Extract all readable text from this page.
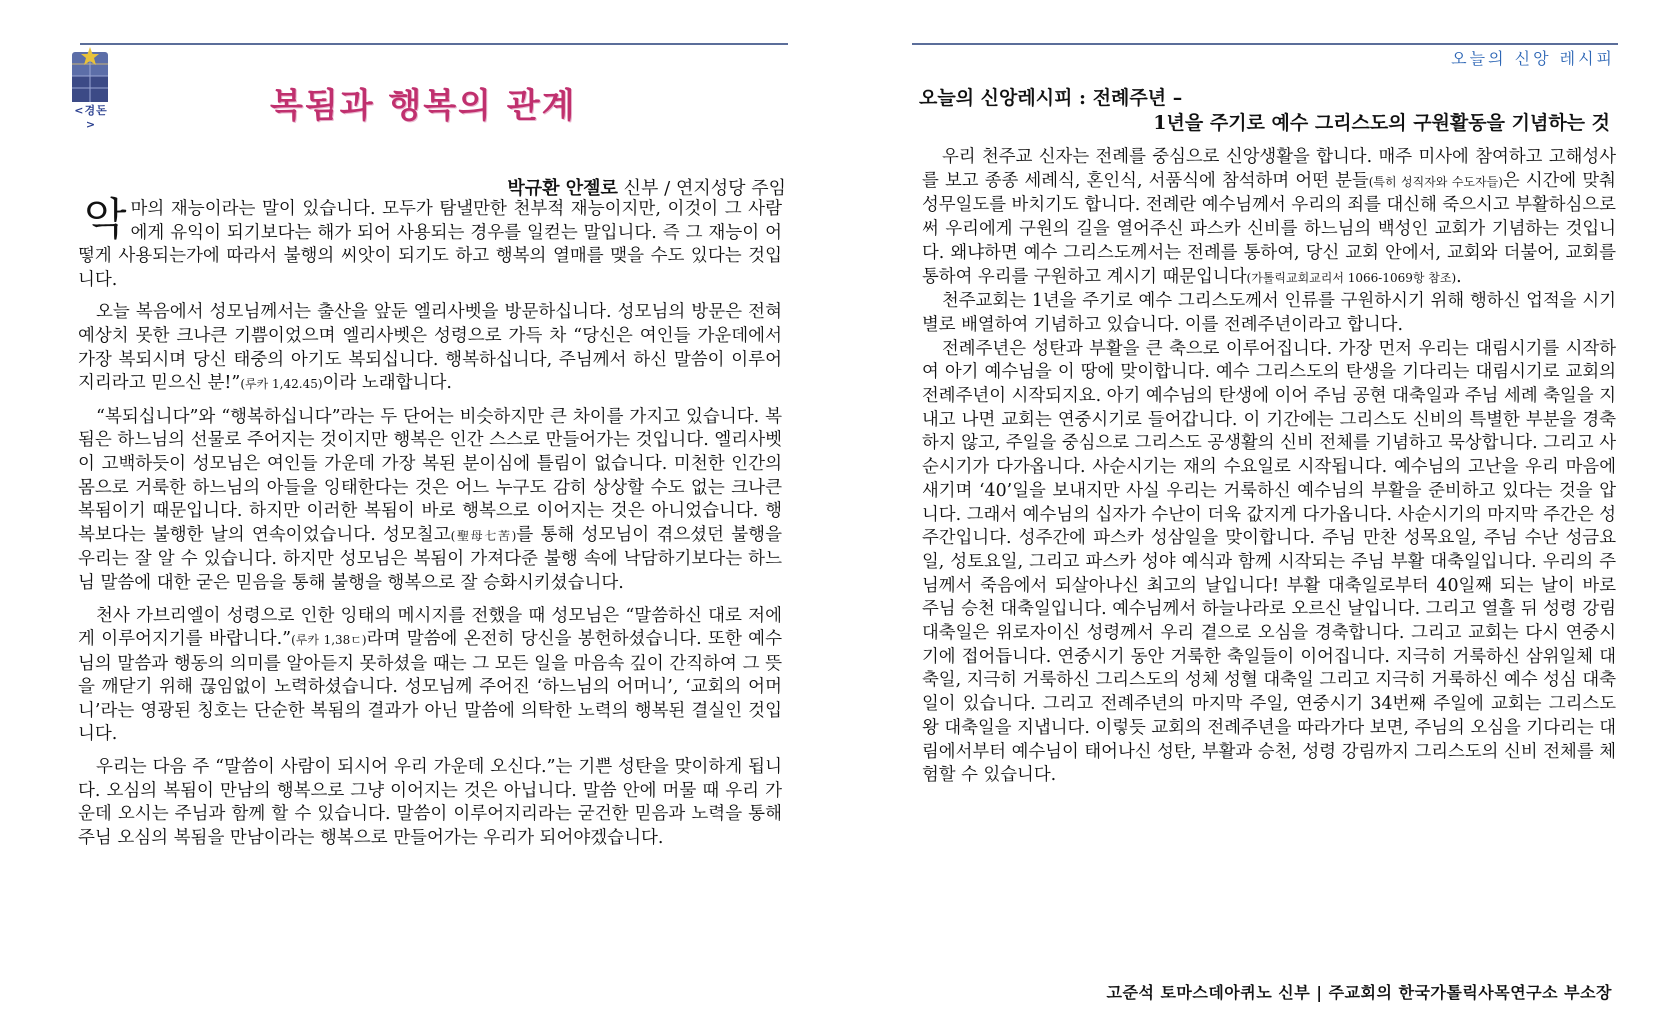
<경돈>	복됨과 행복의 관계
박규환 안젤로 신부 / 연지성당 주임

악마의 재능이라는 말이 있습니다. 모두가 탐낼만한 천부적 재능이지만, 이것이 그 사람에게 유익이 되기보다는 해가 되어 사용되는 경우를 일컫는 말입니다. 즉 그 재능이 어떻게 사용되는가에 따라서 불행의 씨앗이 되기도 하고 행복의 열매를 맺을 수도 있다는 것입니다.

오늘 복음에서 성모님께서는 출산을 앞둔 엘리사벳을 방문하십니다. 성모님의 방문은 전혀 예상치 못한 크나큰 기쁨이었으며 엘리사벳은 성령으로 가득 차 “당신은 여인들 가운데에서 가장 복되시며 당신 태중의 아기도 복되십니다. 행복하십니다, 주님께서 하신 말씀이 이루어지리라고 믿으신 분!”(루카 1,42.45)이라 노래합니다.

“복되십니다”와 “행복하십니다”라는 두 단어는 비슷하지만 큰 차이를 가지고 있습니다. 복됨은 하느님의 선물로 주어지는 것이지만 행복은 인간 스스로 만들어가는 것입니다. 엘리사벳이 고백하듯이 성모님은 여인들 가운데 가장 복된 분이심에 틀림이 없습니다. 미천한 인간의 몸으로 거룩한 하느님의 아들을 잉태한다는 것은 어느 누구도 감히 상상할 수도 없는 크나큰 복됨이기 때문입니다. 하지만 이러한 복됨이 바로 행복으로 이어지는 것은 아니었습니다. 행복보다는 불행한 날의 연속이었습니다. 성모칠고(聖母七苦)를 통해 성모님이 겪으셨던 불행을 우리는 잘 알 수 있습니다. 하지만 성모님은 복됨이 가져다준 불행 속에 낙담하기보다는 하느님 말씀에 대한 굳은 믿음을 통해 불행을 행복으로 잘 승화시키셨습니다.

천사 가브리엘이 성령으로 인한 잉태의 메시지를 전했을 때 성모님은 “말씀하신 대로 저에게 이루어지기를 바랍니다.”(루카 1,38ㄷ)라며 말씀에 온전히 당신을 봉헌하셨습니다. 또한 예수님의 말씀과 행동의 의미를 알아듣지 못하셨을 때는 그 모든 일을 마음속 깊이 간직하여 그 뜻을 깨닫기 위해 끊임없이 노력하셨습니다. 성모님께 주어진 ‘하느님의 어머니’, ‘교회의 어머니’라는 영광된 칭호는 단순한 복됨의 결과가 아닌 말씀에 의탁한 노력의 행복된 결실인 것입니다.

우리는 다음 주 “말씀이 사람이 되시어 우리 가운데 오신다.”는 기쁜 성탄을 맞이하게 됩니다. 오심의 복됨이 만남의 행복으로 그냥 이어지는 것은 아닙니다. 말씀 안에 머물 때 우리 가운데 오시는 주님과 함께 할 수 있습니다. 말씀이 이루어지리라는 굳건한 믿음과 노력을 통해 주님 오심의 복됨을 만남이라는 행복으로 만들어가는 우리가 되어야겠습니다.

오늘의 신앙 레시피
오늘의 신앙레시피 : 전례주년 –
1년을 주기로 예수 그리스도의 구원활동을 기념하는 것

우리 천주교 신자는 전례를 중심으로 신앙생활을 합니다. 매주 미사에 참여하고 고해성사를 보고 종종 세례식, 혼인식, 서품식에 참석하며 어떤 분들(특히 성직자와 수도자들)은 시간에 맞춰 성무일도를 바치기도 합니다. 전례란 예수님께서 우리의 죄를 대신해 죽으시고 부활하심으로써 우리에게 구원의 길을 열어주신 파스카 신비를 하느님의 백성인 교회가 기념하는 것입니다. 왜냐하면 예수 그리스도께서는 전례를 통하여, 당신 교회 안에서, 교회와 더불어, 교회를 통하여 우리를 구원하고 계시기 때문입니다(가톨릭교회교리서 1066-1069항 참조).

천주교회는 1년을 주기로 예수 그리스도께서 인류를 구원하시기 위해 행하신 업적을 시기별로 배열하여 기념하고 있습니다. 이를 전례주년이라고 합니다.

전례주년은 성탄과 부활을 큰 축으로 이루어집니다. 가장 먼저 우리는 대림시기를 시작하여 아기 예수님을 이 땅에 맞이합니다. 예수 그리스도의 탄생을 기다리는 대림시기로 교회의 전례주년이 시작되지요. 아기 예수님의 탄생에 이어 주님 공현 대축일과 주님 세례 축일을 지내고 나면 교회는 연중시기로 들어갑니다. 이 기간에는 그리스도 신비의 특별한 부분을 경축하지 않고, 주일을 중심으로 그리스도 공생활의 신비 전체를 기념하고 묵상합니다. 그리고 사순시기가 다가옵니다. 사순시기는 재의 수요일로 시작됩니다. 예수님의 고난을 우리 마음에 새기며 ‘40’일을 보내지만 사실 우리는 거룩하신 예수님의 부활을 준비하고 있다는 것을 압니다. 그래서 예수님의 십자가 수난이 더욱 값지게 다가옵니다. 사순시기의 마지막 주간은 성주간입니다. 성주간에 파스카 성삼일을 맞이합니다. 주님 만찬 성목요일, 주님 수난 성금요일, 성토요일, 그리고 파스카 성야 예식과 함께 시작되는 주님 부활 대축일입니다. 우리의 주님께서 죽음에서 되살아나신 최고의 날입니다! 부활 대축일로부터 40일째 되는 날이 바로 주님 승천 대축일입니다. 예수님께서 하늘나라로 오르신 날입니다. 그리고 열흘 뒤 성령 강림 대축일은 위로자이신 성령께서 우리 곁으로 오심을 경축합니다. 그리고 교회는 다시 연중시기에 접어듭니다. 연중시기 동안 거룩한 축일들이 이어집니다. 지극히 거룩하신 삼위일체 대축일, 지극히 거룩하신 그리스도의 성체 성혈 대축일 그리고 지극히 거룩하신 예수 성심 대축일이 있습니다. 그리고 전례주년의 마지막 주일, 연중시기 34번째 주일에 교회는 그리스도 왕 대축일을 지냅니다. 이렇듯 교회의 전례주년을 따라가다 보면, 주님의 오심을 기다리는 대림에서부터 예수님이 태어나신 성탄, 부활과 승천, 성령 강림까지 그리스도의 신비 전체를 체험할 수 있습니다.

고준석 토마스데아퀴노 신부 | 주교회의 한국가톨릭사목연구소 부소장
